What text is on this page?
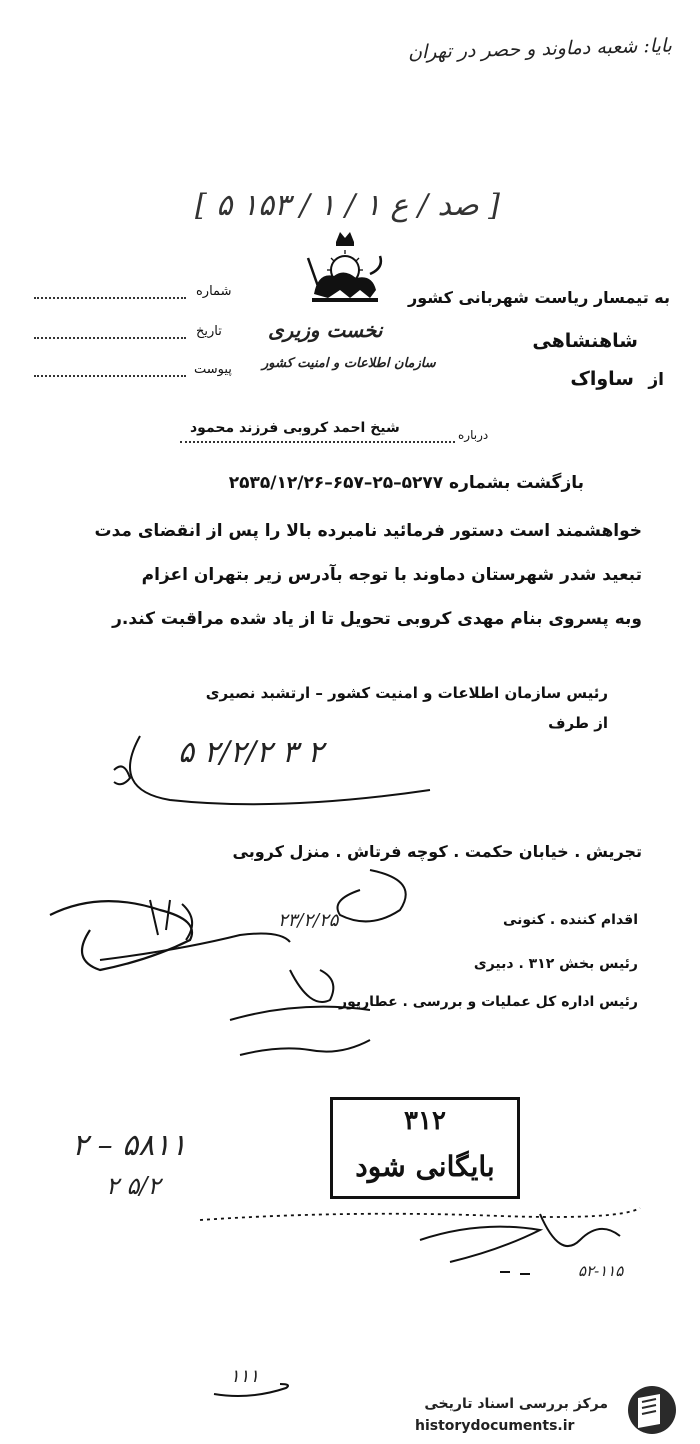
بایا: شعبه دماوند و حصر در تهران
[ ۵ ۱۵۳ / صد / ع ۱ / ۱ ]
به تیمسار ریاست شهربانی کشور
شاهنشاهی
از
ساواک
نخست وزیری
سازمان اطلاعات و امنیت کشور
شماره
تاریخ
پیوست
درباره
شیخ احمد کروبی فرزند محمود
بازگشت بشماره ۵۲۷۷–۲۵–۶۵۷–۲۵۳۵/۱۲/۲۶
خواهشمند است دستور فرمائید نامبرده بالا را پس از انقضای مدت
تبعید شدر شهرستان دماوند با توجه بآدرس زیر بتهران اعزام
وبه پسروی بنام مهدی کروبی تحویل تا از یاد شده مراقبت کند.ر
رئیس سازمان اطلاعات و امنیت کشور – ارتشبد نصیری
از طرف
۵ ۲/۲/۲ ۳ ۲
تجریش . خیابان حکمت . کوچه فرتاش . منزل کروبی
اقدام کننده . کنونی
رئیس بخش ۳۱۲ . دبیری
رئیس اداره کل عملیات و بررسی . عطارپور
۲۳/۲/۲۵
۳۱۲
بایگانی شود
۲ – ۵۸۱۱
۲ ۵/۲
۵۲-۱۱۵
۱۱۱
مرکز بررسی اسناد تاریخی
historydocuments.ir
